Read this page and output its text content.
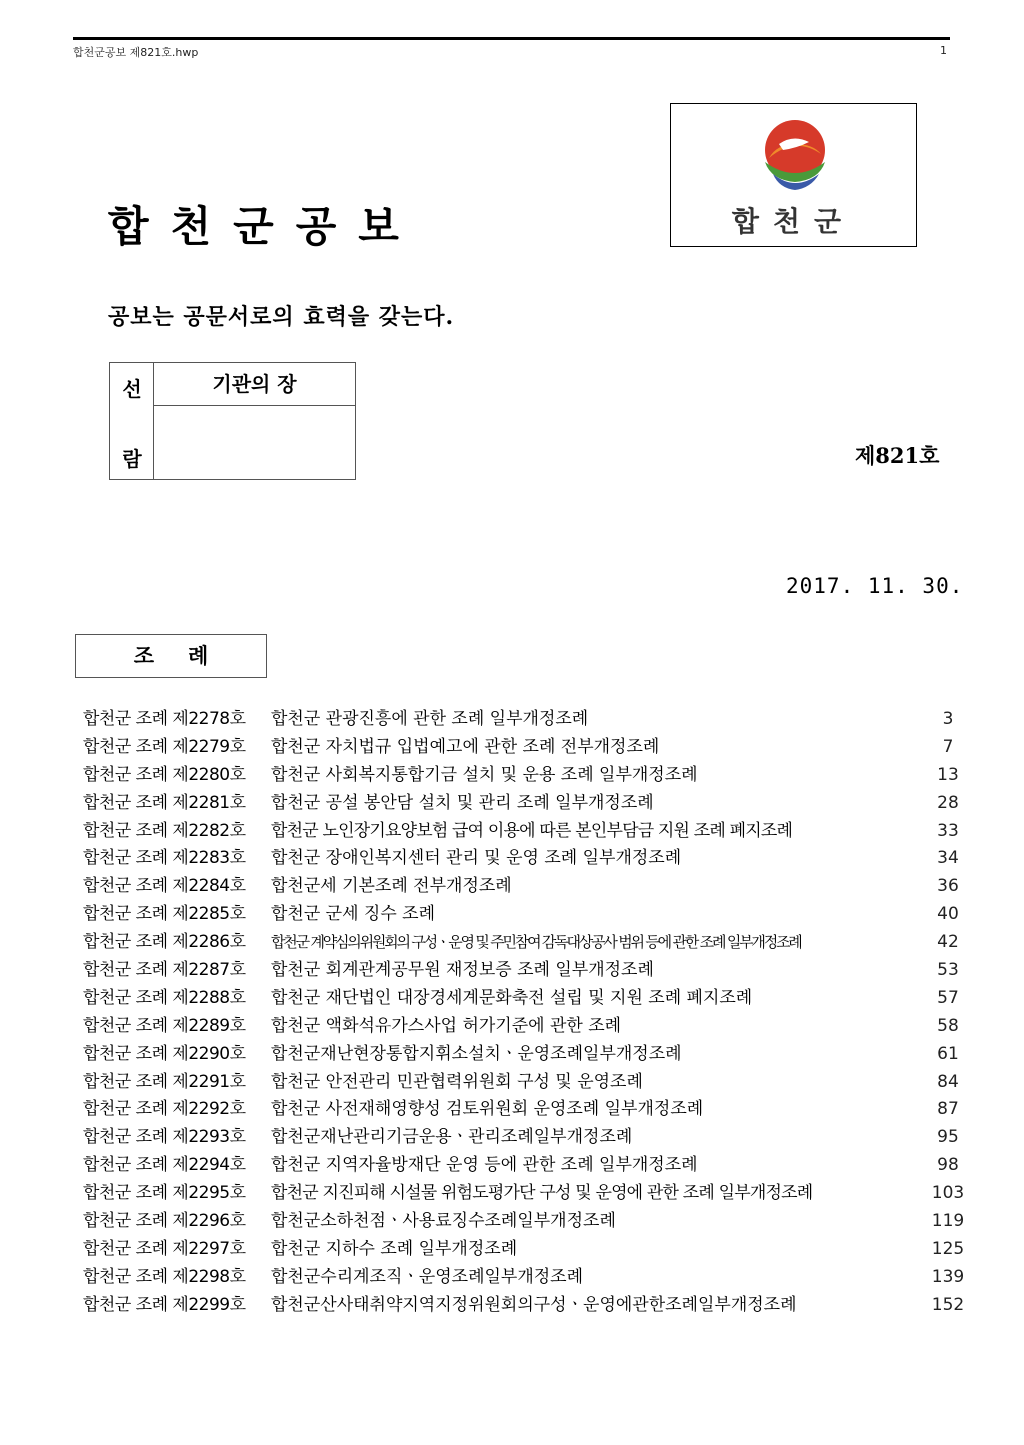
합천군공보 제821호.hwp	1
합천군공보	합천군
공보는 공문서로의 효력을 갖는다.
선
람
기관의 장
제821호
2017. 11. 30.
조례
합천군 조례 제2278호	합천군 관광진흥에 관한 조례 일부개정조례	3
합천군 조례 제2279호	합천군 자치법규 입법예고에 관한 조례 전부개정조례	7
합천군 조례 제2280호	합천군 사회복지통합기금 설치 및 운용 조례 일부개정조례	13
합천군 조례 제2281호	합천군 공설 봉안담 설치 및 관리 조례 일부개정조례	28
합천군 조례 제2282호	합천군 노인장기요양보험 급여 이용에 따른 본인부담금 지원 조례 폐지조례	33
합천군 조례 제2283호	합천군 장애인복지센터 관리 및 운영 조례 일부개정조례	34
합천군 조례 제2284호	합천군세 기본조례 전부개정조례	36
합천군 조례 제2285호	합천군 군세 징수 조례	40
합천군 조례 제2286호	합천군 계약심의위원회의 구성ㆍ운영 및 주민참여 감독대상공사 범위 등에 관한 조례 일부개정조례	42
합천군 조례 제2287호	합천군 회계관계공무원 재정보증 조례 일부개정조례	53
합천군 조례 제2288호	합천군 재단법인 대장경세계문화축전 설립 및 지원 조례 폐지조례	57
합천군 조례 제2289호	합천군 액화석유가스사업 허가기준에 관한 조례	58
합천군 조례 제2290호	합천군재난현장통합지휘소설치ㆍ운영조례일부개정조례	61
합천군 조례 제2291호	합천군 안전관리 민관협력위원회 구성 및 운영조례	84
합천군 조례 제2292호	합천군 사전재해영향성 검토위원회 운영조례 일부개정조례	87
합천군 조례 제2293호	합천군재난관리기금운용ㆍ관리조례일부개정조례	95
합천군 조례 제2294호	합천군 지역자율방재단 운영 등에 관한 조례 일부개정조례	98
합천군 조례 제2295호	합천군 지진피해 시설물 위험도평가단 구성 및 운영에 관한 조례 일부개정조례	103
합천군 조례 제2296호	합천군소하천점ㆍ사용료징수조례일부개정조례	119
합천군 조례 제2297호	합천군 지하수 조례 일부개정조례	125
합천군 조례 제2298호	합천군수리계조직ㆍ운영조례일부개정조례	139
합천군 조례 제2299호	합천군산사태취약지역지정위원회의구성ㆍ운영에관한조례일부개정조례	152
